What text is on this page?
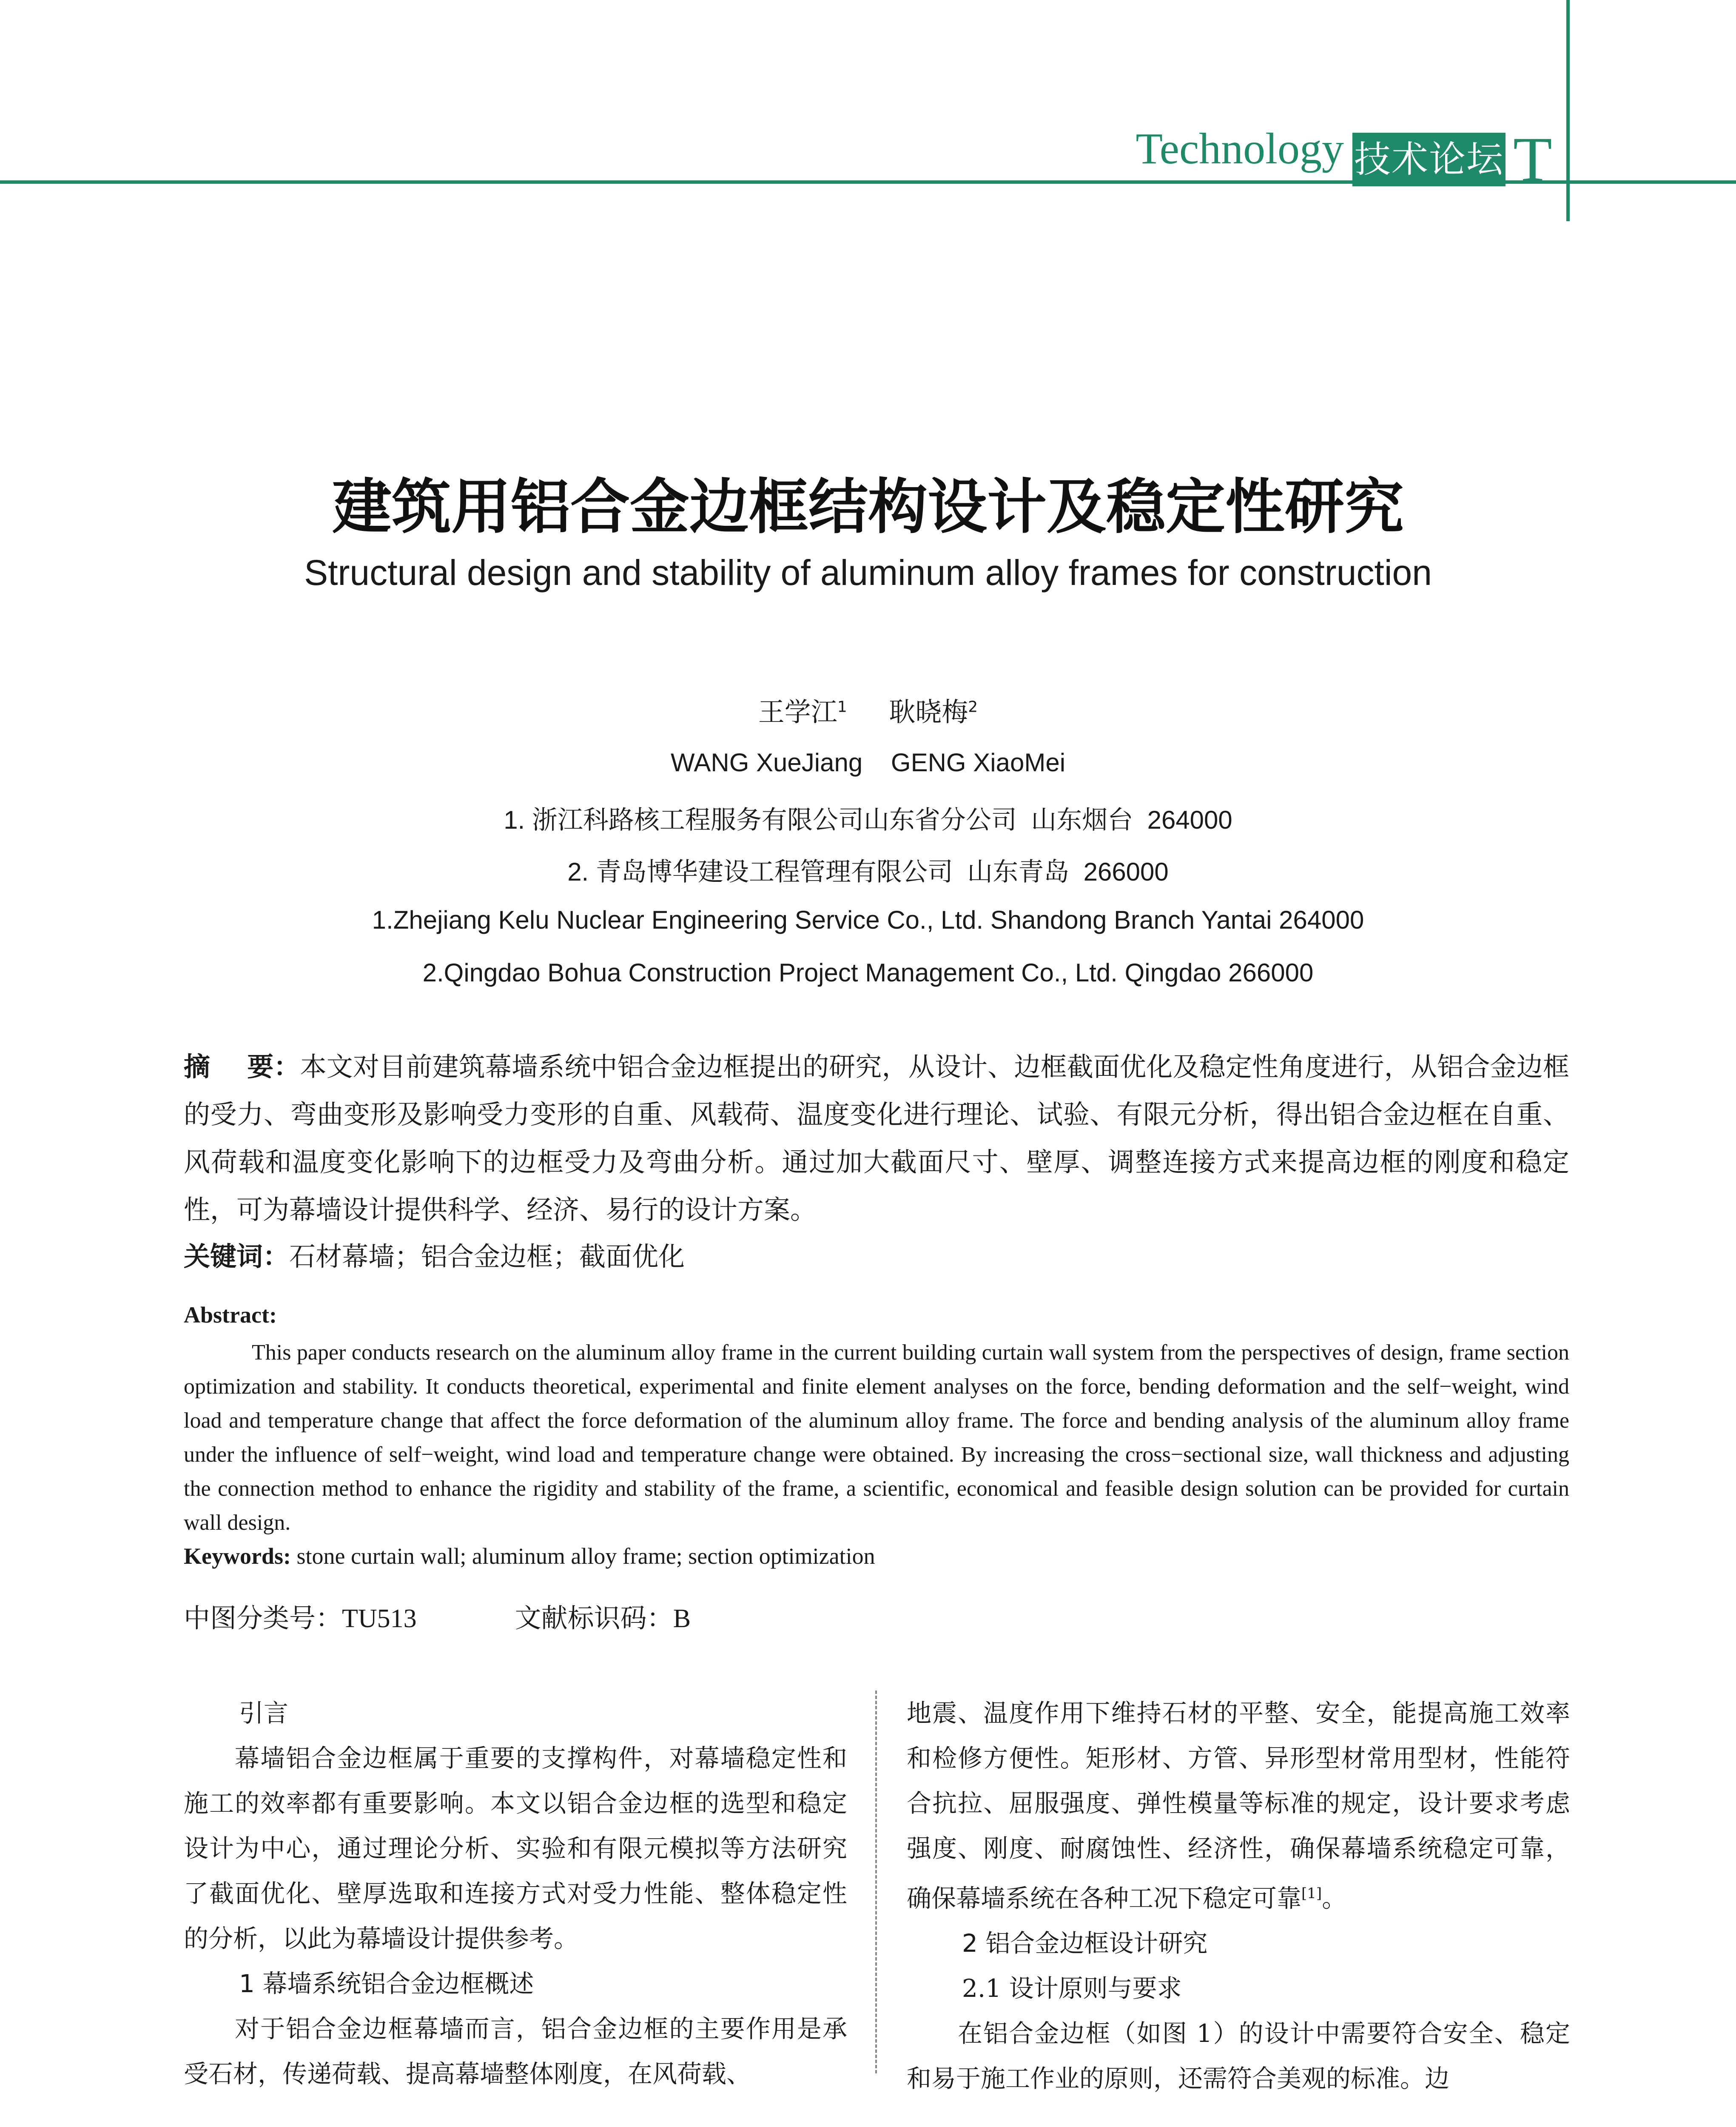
Technology 技术论坛 T
建筑用铝合金边框结构设计及稳定性研究
Structural design and stability of aluminum alloy frames for construction
王学江$^1$ 耿晓梅$^2$
WANG XueJiang    GENG XiaoMei
1. 浙江科路核工程服务有限公司山东省分公司  山东烟台  264000
2. 青岛博华建设工程管理有限公司  山东青岛  266000
1.Zhejiang Kelu Nuclear Engineering Service Co., Ltd. Shandong Branch Yantai 264000
2.Qingdao Bohua Construction Project Management Co., Ltd. Qingdao 266000
摘    要：本文对目前建筑幕墙系统中铝合金边框提出的研究，从设计、边框截面优化及稳定性角度进行，从铝合金边框的受力、弯曲变形及影响受力变形的自重、风载荷、温度变化进行理论、试验、有限元分析，得出铝合金边框在自重、风荷载和温度变化影响下的边框受力及弯曲分析。通过加大截面尺寸、壁厚、调整连接方式来提高边框的刚度和稳定性，可为幕墙设计提供科学、经济、易行的设计方案。
关键词：石材幕墙；铝合金边框；截面优化
Abstract:
This paper conducts research on the aluminum alloy frame in the current building curtain wall system from the perspectives of design, frame section optimization and stability. It conducts theoretical, experimental and finite element analyses on the force, bending deformation and the self−weight, wind load and temperature change that affect the force deformation of the aluminum alloy frame. The force and bending analysis of the aluminum alloy frame under the influence of self−weight, wind load and temperature change were obtained. By increasing the cross−sectional size, wall thickness and adjusting the connection method to enhance the rigidity and stability of the frame, a scientific, economical and feasible design solution can be provided for curtain wall design.
Keywords: stone curtain wall; aluminum alloy frame; section optimization
中图分类号：TU513	文献标识码：B
引言

幕墙铝合金边框属于重要的支撑构件，对幕墙稳定性和施工的效率都有重要影响。本文以铝合金边框的选型和稳定设计为中心，通过理论分析、实验和有限元模拟等方法研究了截面优化、壁厚选取和连接方式对受力性能、整体稳定性的分析，以此为幕墙设计提供参考。

1 幕墙系统铝合金边框概述

对于铝合金边框幕墙而言，铝合金边框的主要作用是承受石材，传递荷载、提高幕墙整体刚度，在风荷载、

地震、温度作用下维持石材的平整、安全，能提高施工效率和检修方便性。矩形材、方管、异形型材常用型材，性能符合抗拉、屈服强度、弹性模量等标准的规定，设计要求考虑强度、刚度、耐腐蚀性、经济性，确保幕墙系统稳定可靠，确保幕墙系统在各种工况下稳定可靠[1]。

2 铝合金边框设计研究
2.1 设计原则与要求

在铝合金边框（如图 1）的设计中需要符合安全、稳定和易于施工作业的原则，还需符合美观的标准。边
